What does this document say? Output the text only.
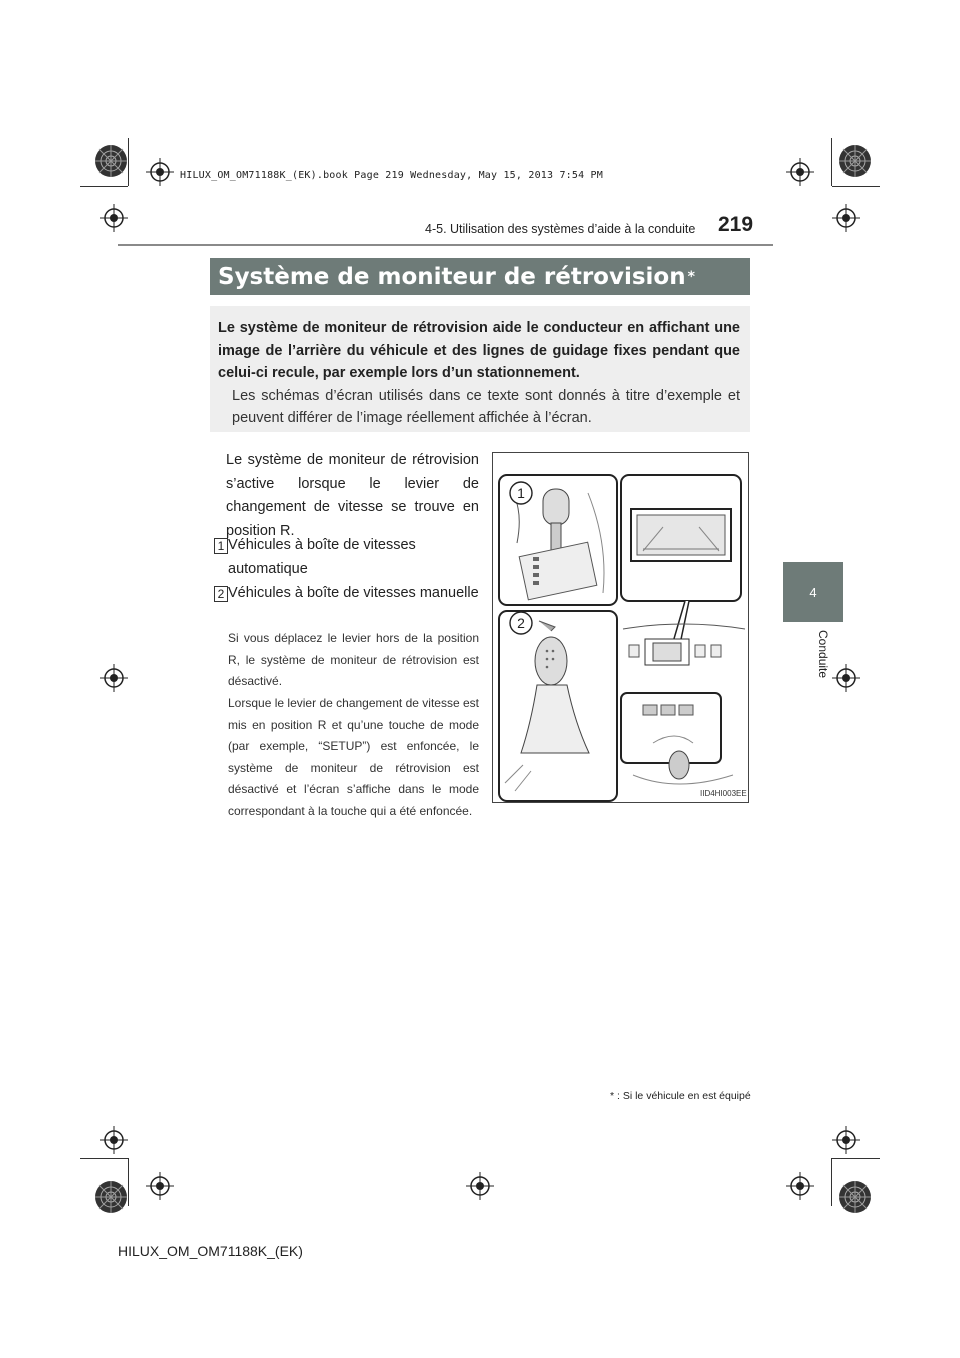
HILUX_OM_OM71188K_(EK).book Page 219 Wednesday, May 15, 2013 7:54 PM
4-5. Utilisation des systèmes d’aide à la conduite 219
4
Conduite
Système de moniteur de rétrovision *
Le système de moniteur de rétrovision aide le conducteur en affichant une image de l’arrière du véhicule et des lignes de guidage fixes pendant que celui-ci recule, par exemple lors d’un stationnement.
Les schémas d’écran utilisés dans ce texte sont donnés à titre d’exemple et peuvent différer de l’image réellement affichée à l’écran.
Le système de moniteur de rétrovision s’active lorsque le levier de changement de vitesse se trouve en position R.
1 Véhicules à boîte de vitesses automatique
2 Véhicules à boîte de vitesses manuelle
Si vous déplacez le levier hors de la position R, le système de moniteur de rétrovision est désactivé.
Lorsque le levier de changement de vitesse est mis en position R et qu’une touche de mode (par exemple, “SETUP”) est enfoncée, le système de moniteur de rétrovision est désactivé et l’écran s’affiche dans le mode correspondant à la touche qui a été enfoncée.
1
2
IID4HI003EE
* : Si le véhicule en est équipé
HILUX_OM_OM71188K_(EK)
